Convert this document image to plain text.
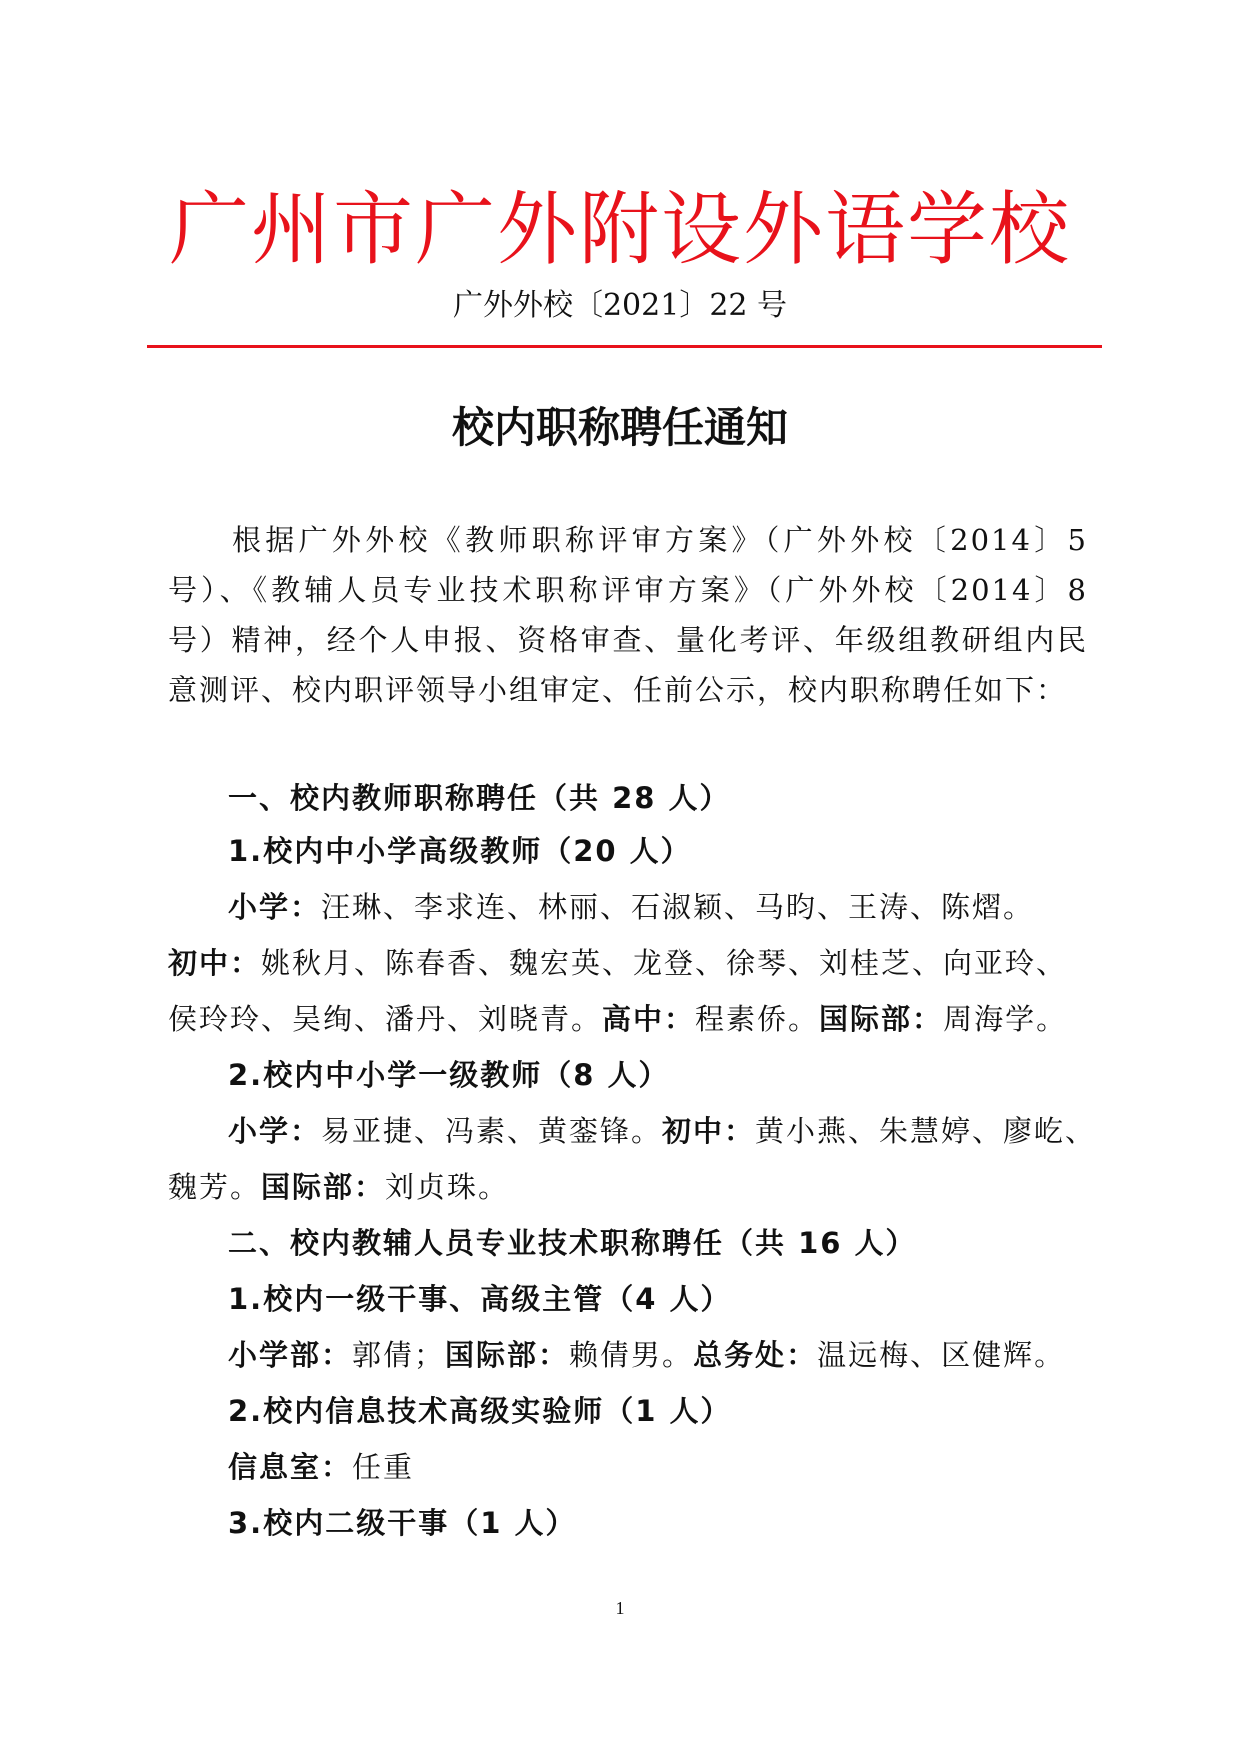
广州市广外附设外语学校
广外外校〔2021〕22 号
校内职称聘任通知
根据广外外校《教师职称评审方案》（广外外校〔2014〕5号）、《教辅人员专业技术职称评审方案》（广外外校〔2014〕8 号）精神，经个人申报、资格审查、量化考评、年级组教研组内民意测评、校内职评领导小组审定、任前公示，校内职称聘任如下：
一、校内教师职称聘任（共 28 人）
1.校内中小学高级教师（20 人）
小学：汪琳、李求连、林丽、石淑颖、马昀、王涛、陈熠。
初中：姚秋月、陈春香、魏宏英、龙登、徐琴、刘桂芝、向亚玲、
侯玲玲、吴绚、潘丹、刘晓青。高中：程素侨。国际部：周海学。
2.校内中小学一级教师（8 人）
小学：易亚捷、冯素、黄銮锋。初中：黄小燕、朱慧婷、廖屹、
魏芳。国际部：刘贞珠。
二、校内教辅人员专业技术职称聘任（共 16 人）
1.校内一级干事、高级主管（4 人）
小学部：郭倩；国际部：赖倩男。总务处：温远梅、区健辉。
2.校内信息技术高级实验师（1 人）
信息室：任重
3.校内二级干事（1 人）
1
